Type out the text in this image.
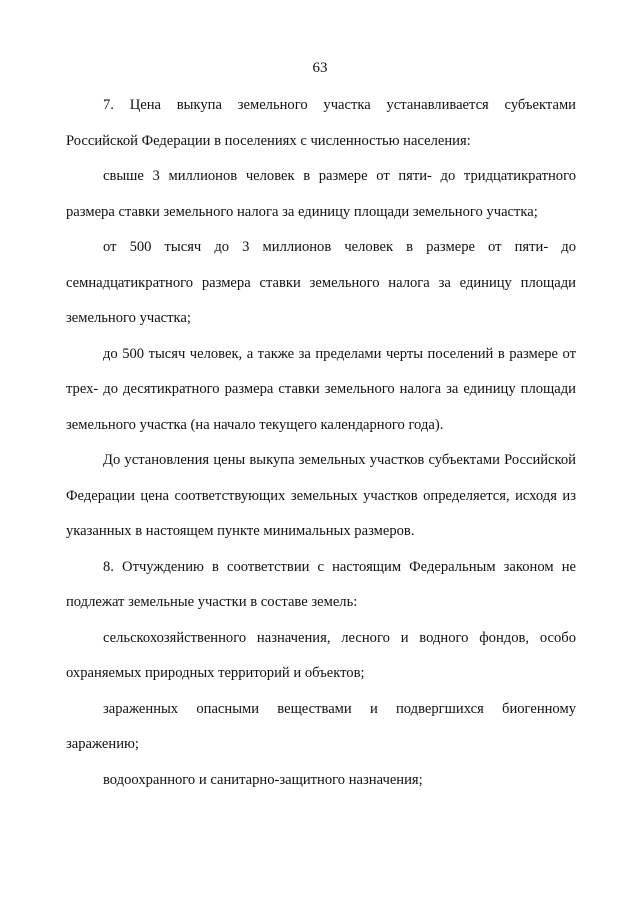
63

7. Цена выкупа земельного участка устанавливается субъектами Российской Федерации в поселениях с численностью населения:

свыше 3 миллионов человек в размере от пяти- до тридцатикратного размера ставки земельного налога за единицу площади земельного участка;

от 500 тысяч до 3 миллионов человек в размере от пяти- до семнадцатикратного размера ставки земельного налога за единицу площади земельного участка;

до 500 тысяч человек, а также за пределами черты поселений в размере от трех- до десятикратного размера ставки земельного налога за единицу площади земельного участка (на начало текущего календарного года).

До установления цены выкупа земельных участков субъектами Российской Федерации цена соответствующих земельных участков определяется, исходя из указанных в настоящем пункте минимальных размеров.

8. Отчуждению в соответствии с настоящим Федеральным законом не подлежат земельные участки в составе земель:

сельскохозяйственного назначения, лесного и водного фондов, особо охраняемых природных территорий и объектов;

зараженных опасными веществами и подвергшихся биогенному заражению;

водоохранного и санитарно-защитного назначения;
